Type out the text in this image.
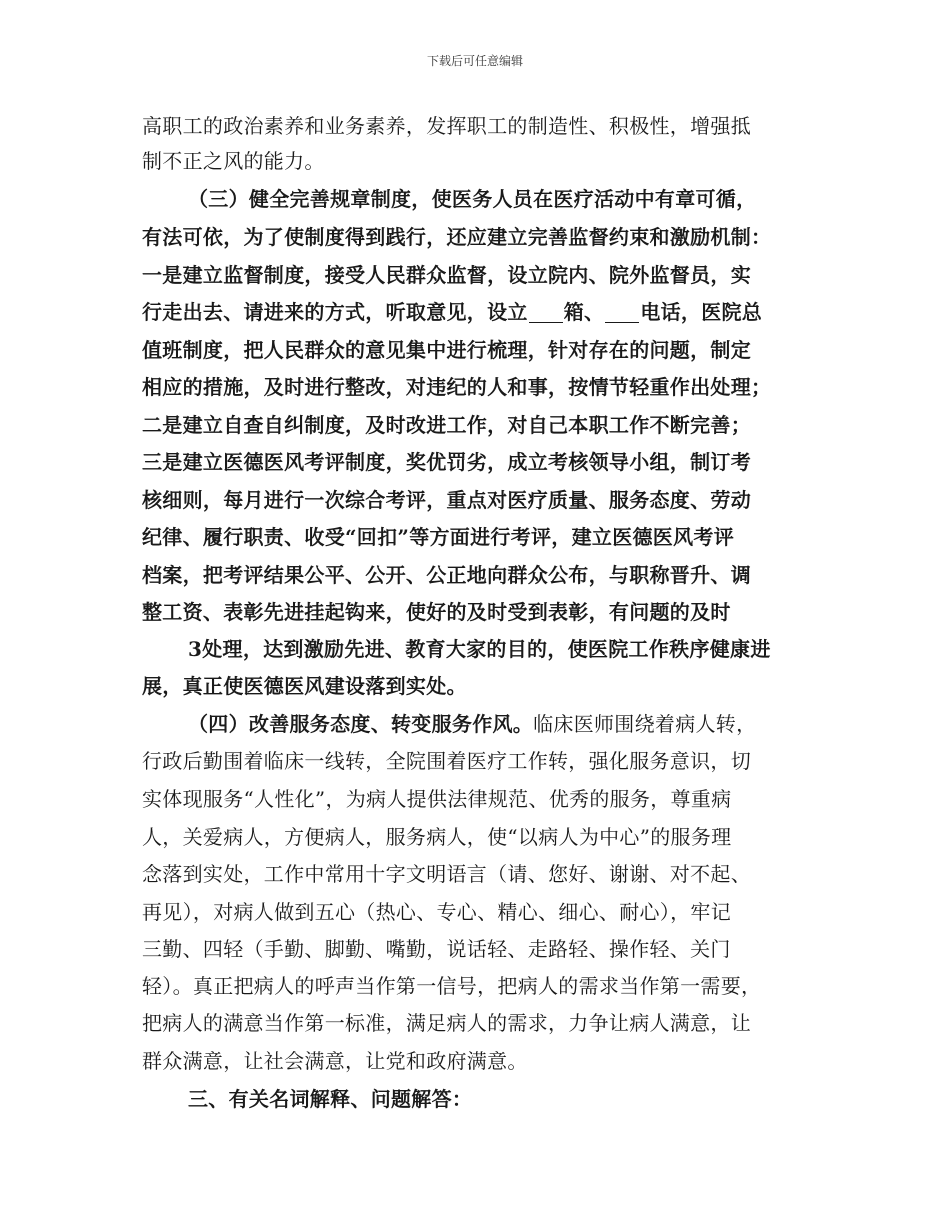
下载后可任意编辑
高职工的政治素养和业务素养，发挥职工的制造性、积极性，增强抵
制不正之风的能力。
（三）健全完善规章制度，使医务人员在医疗活动中有章可循，
有法可依，为了使制度得到践行，还应建立完善监督约束和激励机制：
一是建立监督制度，接受人民群众监督，设立院内、院外监督员，实
行走出去、请进来的方式，听取意见，设立 箱、 电话，医院总
值班制度，把人民群众的意见集中进行梳理，针对存在的问题，制定
相应的措施，及时进行整改，对违纪的人和事，按情节轻重作出处理；
二是建立自查自纠制度，及时改进工作，对自己本职工作不断完善；
三是建立医德医风考评制度，奖优罚劣，成立考核领导小组，制订考
核细则，每月进行一次综合考评，重点对医疗质量、服务态度、劳动
纪律、履行职责、收受“回扣”等方面进行考评，建立医德医风考评
档案，把考评结果公平、公开、公正地向群众公布，与职称晋升、调
整工资、表彰先进挂起钩来，使好的及时受到表彰，有问题的及时
3处理，达到激励先进、教育大家的目的，使医院工作秩序健康进
展，真正使医德医风建设落到实处。
（四）改善服务态度、转变服务作风。临床医师围绕着病人转，
行政后勤围着临床一线转，全院围着医疗工作转，强化服务意识，切
实体现服务“人性化”，为病人提供法律规范、优秀的服务，尊重病
人，关爱病人，方便病人，服务病人，使“以病人为中心”的服务理
念落到实处，工作中常用十字文明语言（请、您好、谢谢、对不起、
再见），对病人做到五心（热心、专心、精心、细心、耐心），牢记
三勤、四轻（手勤、脚勤、嘴勤，说话轻、走路轻、操作轻、关门
轻）。真正把病人的呼声当作第一信号，把病人的需求当作第一需要，
把病人的满意当作第一标准，满足病人的需求，力争让病人满意，让
群众满意，让社会满意，让党和政府满意。
三、有关名词解释、问题解答：
